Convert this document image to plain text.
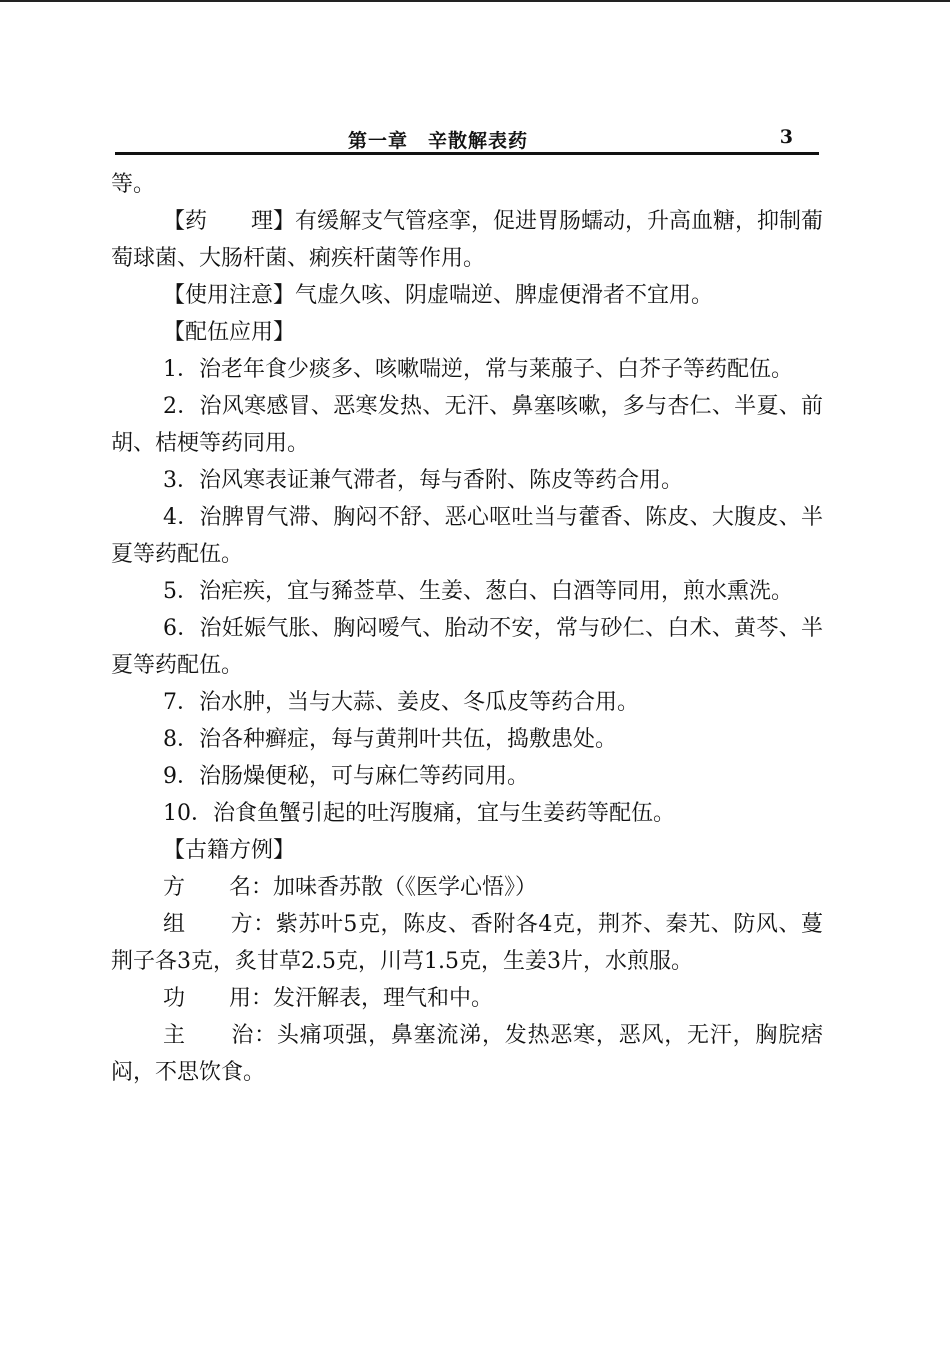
第一章　辛散解表药	3

等。

【药　　理】有缓解支气管痉挛，促进胃肠蠕动，升高血糖，抑制葡萄球菌、大肠杆菌、痢疾杆菌等作用。

【使用注意】气虚久咳、阴虚喘逆、脾虚便滑者不宜用。

【配伍应用】

1．治老年食少痰多、咳嗽喘逆，常与莱菔子、白芥子等药配伍。

2．治风寒感冒、恶寒发热、无汗、鼻塞咳嗽，多与杏仁、半夏、前胡、桔梗等药同用。

3．治风寒表证兼气滞者，每与香附、陈皮等药合用。

4．治脾胃气滞、胸闷不舒、恶心呕吐当与藿香、陈皮、大腹皮、半夏等药配伍。

5．治疟疾，宜与豨莶草、生姜、葱白、白酒等同用，煎水熏洗。

6．治妊娠气胀、胸闷嗳气、胎动不安，常与砂仁、白术、黄芩、半夏等药配伍。

7．治水肿，当与大蒜、姜皮、冬瓜皮等药合用。

8．治各种癣症，每与黄荆叶共伍，捣敷患处。

9．治肠燥便秘，可与麻仁等药同用。

10．治食鱼蟹引起的吐泻腹痛，宜与生姜药等配伍。

【古籍方例】

方　　名：加味香苏散（《医学心悟》）

组　　方：紫苏叶5克，陈皮、香附各4克，荆芥、秦艽、防风、蔓荆子各3克，炙甘草2.5克，川芎1.5克，生姜3片，水煎服。

功　　用：发汗解表，理气和中。

主　　治：头痛项强，鼻塞流涕，发热恶寒，恶风，无汗，胸脘痞闷，不思饮食。
